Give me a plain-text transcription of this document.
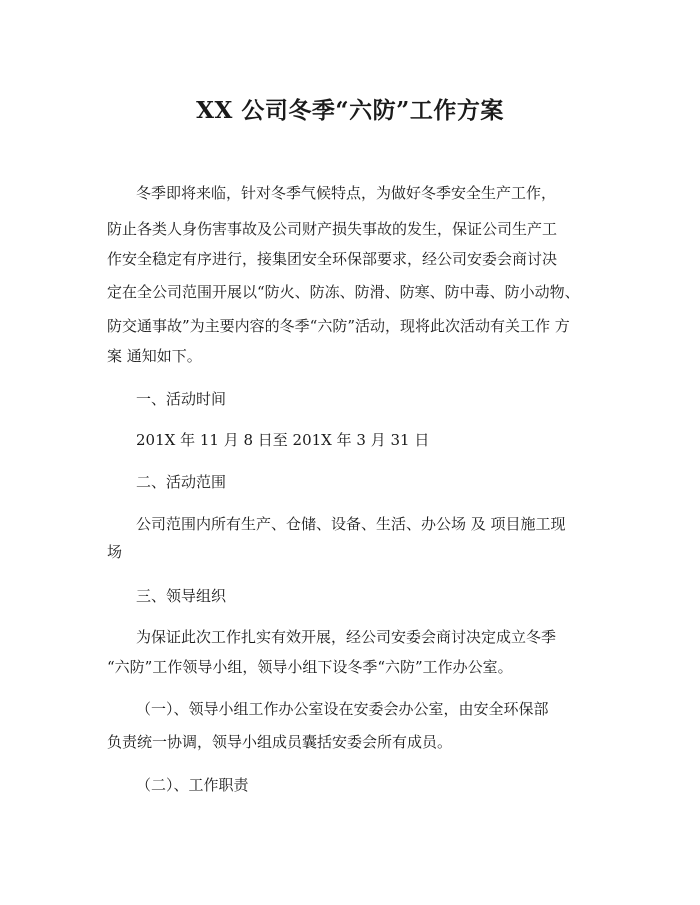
XX 公司冬季“六防”工作方案

冬季即将来临，针对冬季气候特点，为做好冬季安全生产工作，

防止各类人身伤害事故及公司财产损失事故的发生，保证公司生产工

作安全稳定有序进行，接集团安全环保部要求，经公司安委会商讨决

定在全公司范围开展以“防火、防冻、防滑、防寒、防中毒、防小动物、

防交通事故”为主要内容的冬季“六防”活动，现将此次活动有关工作 方

案 通知如下。

一、活动时间

201X 年 11 月 8 日至 201X 年 3 月 31 日

二、活动范围

公司范围内所有生产、仓储、设备、生活、办公场 及 项目施工现

场

三、领导组织

为保证此次工作扎实有效开展，经公司安委会商讨决定成立冬季

“六防”工作领导小组，领导小组下设冬季“六防”工作办公室。

（一）、领导小组工作办公室设在安委会办公室，由安全环保部

负责统一协调，领导小组成员囊括安委会所有成员。

（二）、工作职责
